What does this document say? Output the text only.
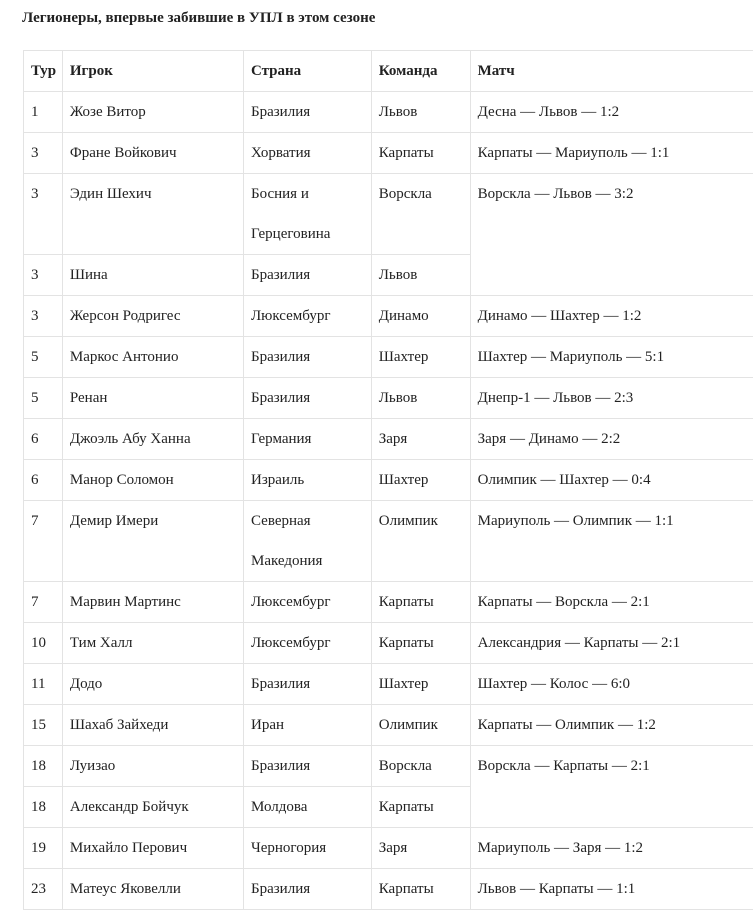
Легионеры, впервые забившие в УПЛ в этом сезоне
Тур	Игрок	Страна	Команда	Матч
1	Жозе Витор	Бразилия	Львов	Десна — Львов — 1:2
3	Фране Войкович	Хорватия	Карпаты	Карпаты — Мариуполь — 1:1
3	Эдин Шехич	Босния и Герцеговина	Ворскла	Ворскла — Львов — 3:2
3	Шина	Бразилия	Львов	
3	Жерсон Родригес	Люксембург	Динамо	Динамо — Шахтер — 1:2
5	Маркос Антонио	Бразилия	Шахтер	Шахтер — Мариуполь — 5:1
5	Ренан	Бразилия	Львов	Днепр-1 — Львов — 2:3
6	Джоэль Абу Ханна	Германия	Заря	Заря — Динамо — 2:2
6	Манор Соломон	Израиль	Шахтер	Олимпик — Шахтер — 0:4
7	Демир Имери	Северная Македония	Олимпик	Мариуполь — Олимпик — 1:1
7	Марвин Мартинс	Люксембург	Карпаты	Карпаты — Ворскла — 2:1
10	Тим Халл	Люксембург	Карпаты	Александрия — Карпаты — 2:1
11	Додо	Бразилия	Шахтер	Шахтер — Колос — 6:0
15	Шахаб Зайхеди	Иран	Олимпик	Карпаты — Олимпик — 1:2
18	Луизао	Бразилия	Ворскла	Ворскла — Карпаты — 2:1
18	Александр Бойчук	Молдова	Карпаты	
19	Михайло Перович	Черногория	Заря	Мариуполь — Заря — 1:2
23	Матеус Яковелли	Бразилия	Карпаты	Львов — Карпаты — 1:1
